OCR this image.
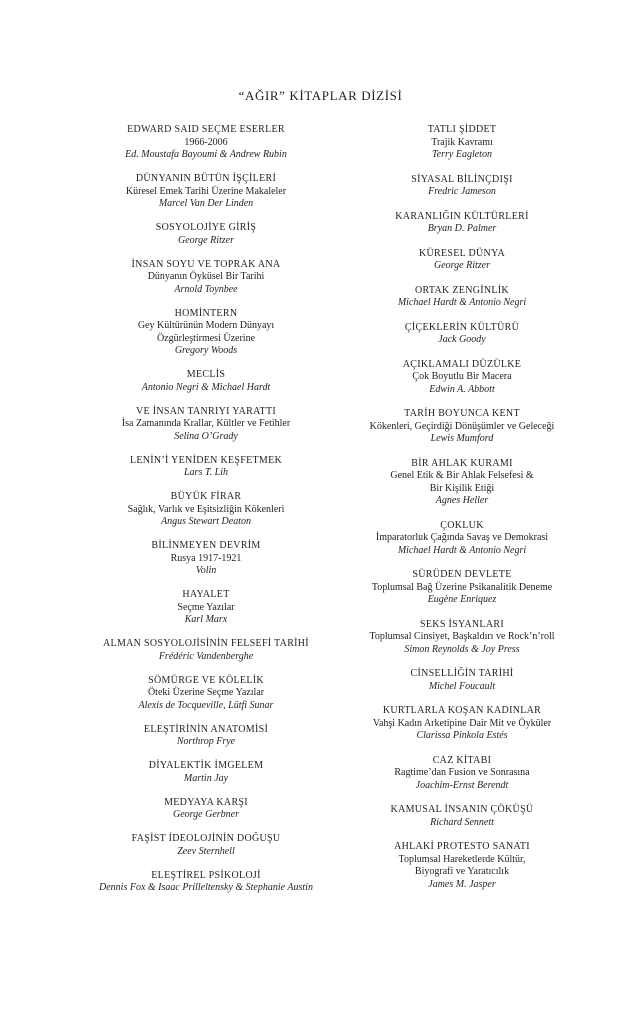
“AĞIR” KİTAPLAR DİZİSİ
EDWARD SAID SEÇME ESERLER
1966-2006
Ed. Moustafa Bayoumi & Andrew Rubin
DÜNYANIN BÜTÜN İŞÇİLERİ
Küresel Emek Tarihi Üzerine Makaleler
Marcel Van Der Linden
SOSYOLOJİYE GİRİŞ
George Ritzer
İNSAN SOYU VE TOPRAK ANA
Dünyanın Öyküsel Bir Tarihi
Arnold Toynbee
HOMİNTERN
Gey Kültürünün Modern Dünyayı
Özgürleştirmesi Üzerine
Gregory Woods
MECLİS
Antonio Negri & Michael Hardt
VE İNSAN TANRIYI YARATTI
İsa Zamanında Krallar, Kültler ve Fetihler
Selina O’Grady
LENİN’İ YENİDEN KEŞFETMEK
Lars T. Lih
BÜYÜK FİRAR
Sağlık, Varlık ve Eşitsizliğin Kökenleri
Angus Stewart Deaton
BİLİNMEYEN DEVRİM
Rusya 1917-1921
Volin
HAYALET
Seçme Yazılar
Karl Marx
ALMAN SOSYOLOJİSİNİN FELSEFİ TARİHİ
Frédéric Vandenberghe
SÖMÜRGE VE KÖLELİK
Öteki Üzerine Seçme Yazılar
Alexis de Tocqueville, Lütfi Sunar
ELEŞTİRİNİN ANATOMİSİ
Northrop Frye
DİYALEKTİK İMGELEM
Martin Jay
MEDYAYA KARŞI
George Gerbner
FAŞİST İDEOLOJİNİN DOĞUŞU
Zeev Sternhell
ELEŞTİREL PSİKOLOJİ
Dennis Fox & Isaac Prilleltensky & Stephanie Austin
TATLI ŞİDDET
Trajik Kavramı
Terry Eagleton
SİYASAL BİLİNÇDIŞI
Fredric Jameson
KARANLIĞIN KÜLTÜRLERİ
Bryan D. Palmer
KÜRESEL DÜNYA
George Ritzer
ORTAK ZENGİNLİK
Michael Hardt & Antonio Negri
ÇİÇEKLERİN KÜLTÜRÜ
Jack Goody
AÇIKLAMALI DÜZÜLKE
Çok Boyutlu Bir Macera
Edwin A. Abbott
TARİH BOYUNCA KENT
Kökenleri, Geçirdiği Dönüşümler ve Geleceği
Lewis Mumford
BİR AHLAK KURAMI
Genel Etik & Bir Ahlak Felsefesi &
Bir Kişilik Etiği
Agnes Heller
ÇOKLUK
İmparatorluk Çağında Savaş ve Demokrasi
Michael Hardt & Antonio Negri
SÜRÜDEN DEVLETE
Toplumsal Bağ Üzerine Psikanalitik Deneme
Eugène Enriquez
SEKS İSYANLARI
Toplumsal Cinsiyet, Başkaldırı ve Rock’n’roll
Simon Reynolds & Joy Press
CİNSELLİĞİN TARİHİ
Michel Foucault
KURTLARLA KOŞAN KADINLAR
Vahşi Kadın Arketipine Dair Mit ve Öyküler
Clarissa Pinkola Estés
CAZ KİTABI
Ragtime’dan Fusion ve Sonrasına
Joachim-Ernst Berendt
KAMUSAL İNSANIN ÇÖKÜŞÜ
Richard Sennett
AHLAKİ PROTESTO SANATI
Toplumsal Hareketlerde Kültür,
Biyografi ve Yaratıcılık
James M. Jasper
